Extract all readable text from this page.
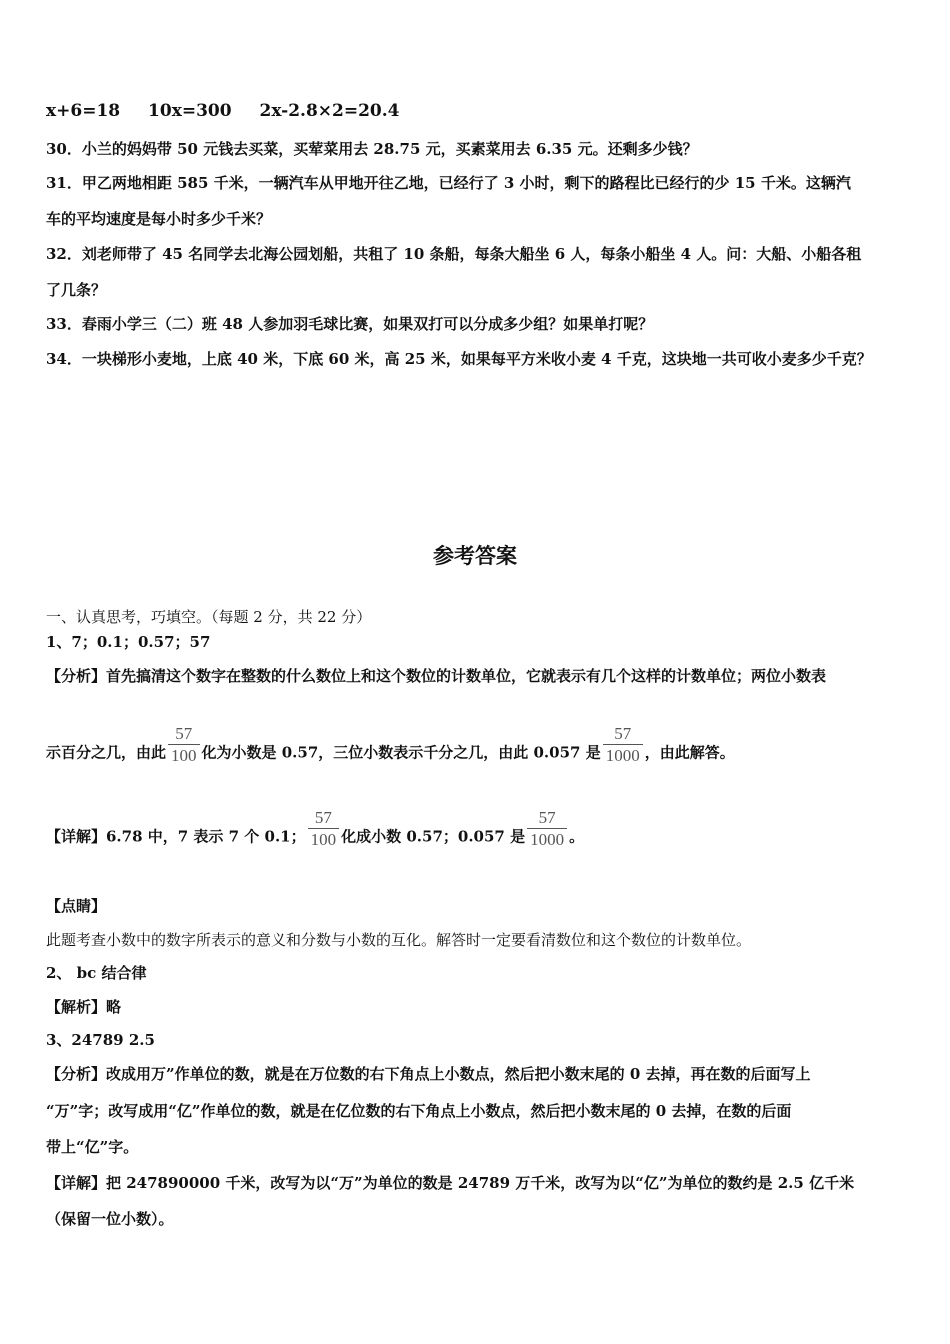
x+6=18 10x=300 2x-2.8×2=20.4
30．小兰的妈妈带 50 元钱去买菜，买荤菜用去 28.75 元，买素菜用去 6.35 元。还剩多少钱？
31．甲乙两地相距 585 千米，一辆汽车从甲地开往乙地，已经行了 3 小时，剩下的路程比已经行的少 15 千米。这辆汽
车的平均速度是每小时多少千米？
32．刘老师带了 45 名同学去北海公园划船，共租了 10 条船，每条大船坐 6 人，每条小船坐 4 人。问：大船、小船各租
了几条？
33．春雨小学三（二）班 48 人参加羽毛球比赛，如果双打可以分成多少组？如果单打呢？
34．一块梯形小麦地，上底 40 米，下底 60 米，高 25 米，如果每平方米收小麦 4 千克，这块地一共可收小麦多少千克？
参考答案
一、认真思考，巧填空。（每题 2 分，共 22 分）
1、7；0.1；0.57；57
【分析】首先搞清这个数字在整数的什么数位上和这个数位的计数单位，它就表示有几个这样的计数单位；两位小数表
示百分之几，由此 $\frac{57}{100}$ 化为小数是 0.57，三位小数表示千分之几，由此 0.057 是 $\frac{57}{1000}$ ，由此解答。
【详解】6.78 中，7 表示 7 个 0.1； $\frac{57}{100}$ 化成小数 0.57；0.057 是 $\frac{57}{1000}$ 。
【点睛】
此题考查小数中的数字所表示的意义和分数与小数的互化。解答时一定要看清数位和这个数位的计数单位。
2、 bc 结合律
【解析】略
3、24789 2.5
【分析】改成用万”作单位的数，就是在万位数的右下角点上小数点，然后把小数末尾的 0 去掉，再在数的后面写上
“万”字；改写成用“亿”作单位的数，就是在亿位数的右下角点上小数点，然后把小数末尾的 0 去掉，在数的后面
带上“亿”字。
【详解】把 247890000 千米，改写为以“万”为单位的数是 24789 万千米，改写为以“亿”为单位的数约是 2.5 亿千米
（保留一位小数）。
